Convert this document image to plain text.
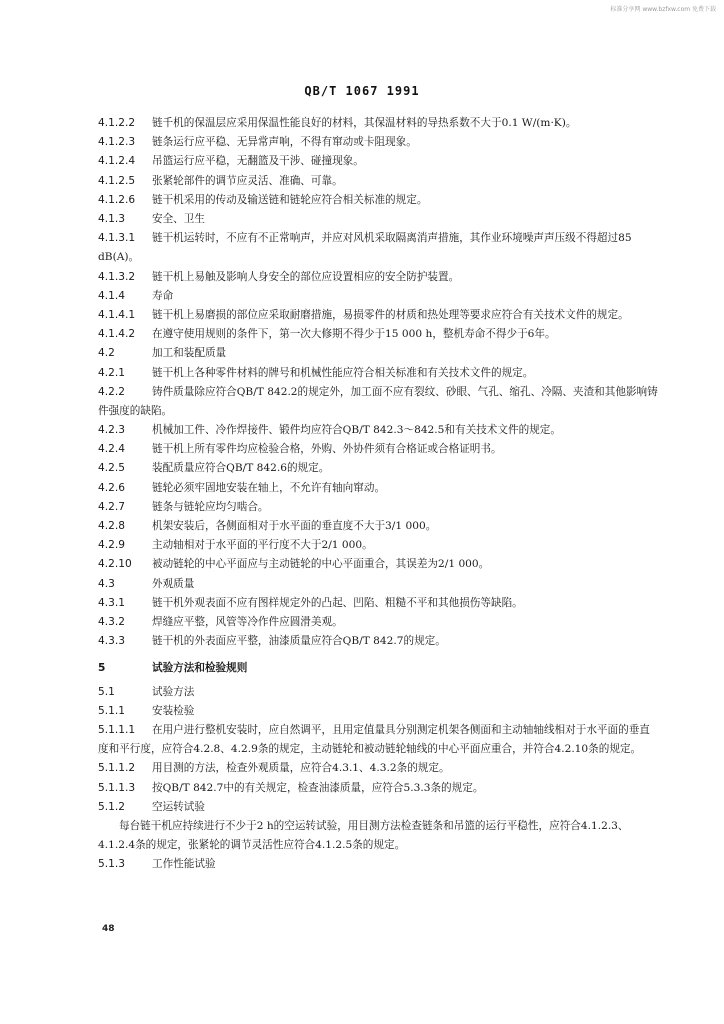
标准分享网 www.bzfxw.com 免费下载
QB/T 1067 1991
4.1.2.2 链千机的保温层应采用保温性能良好的材料，其保温材料的导热系数不大于0.1 W/(m·K)。
4.1.2.3 链条运行应平稳、无异常声响，不得有窜动或卡阻现象。
4.1.2.4 吊篮运行应平稳，无翻篮及干涉、碰撞现象。
4.1.2.5 张紧轮部件的调节应灵活、准确、可靠。
4.1.2.6 链干机采用的传动及输送链和链轮应符合相关标准的规定。
4.1.3	安全、卫生
4.1.3.1 链干机运转时，不应有不正常响声，并应对风机采取隔离消声措施，其作业环境噪声声压级不得超过85 dB(A)。
4.1.3.2 链干机上易触及影响人身安全的部位应设置相应的安全防护装置。
4.1.4	寿命
4.1.4.1 链干机上易磨损的部位应采取耐磨措施，易损零件的材质和热处理等要求应符合有关技术文件的规定。
4.1.4.2 在遵守使用规则的条件下，第一次大修期不得少于15 000 h，整机寿命不得少于6年。
4.2	加工和装配质量
4.2.1	链干机上各种零件材料的牌号和机械性能应符合相关标准和有关技术文件的规定。
4.2.2	铸件质量除应符合QB/T 842.2的规定外，加工面不应有裂纹、砂眼、气孔、缩孔、冷隔、夹渣和其他影响铸件强度的缺陷。
4.2.3	机械加工件、冷作焊接件、锻件均应符合QB/T 842.3～842.5和有关技术文件的规定。
4.2.4	链干机上所有零件均应检验合格，外购、外协件须有合格证或合格证明书。
4.2.5	装配质量应符合QB/T 842.6的规定。
4.2.6	链轮必须牢固地安装在轴上，不允许有轴向窜动。
4.2.7	链条与链轮应均匀啮合。
4.2.8	机架安装后，各侧面相对于水平面的垂直度不大于3/1 000。
4.2.9	主动轴相对于水平面的平行度不大于2/1 000。
4.2.10 被动链轮的中心平面应与主动链轮的中心平面重合，其误差为2/1 000。
4.3	外观质量
4.3.1	链干机外观表面不应有图样规定外的凸起、凹陷、粗糙不平和其他损伤等缺陷。
4.3.2	焊缝应平整，风管等冷作件应圆滑美观。
4.3.3	链干机的外表面应平整，油漆质量应符合QB/T 842.7的规定。
5	试验方法和检验规则
5.1	试验方法
5.1.1	安装检验
5.1.1.1 在用户进行整机安装时，应自然调平，且用定值量具分别测定机架各侧面和主动轴轴线相对于水平面的垂直度和平行度，应符合4.2.8、4.2.9条的规定，主动链轮和被动链轮轴线的中心平面应重合，并符合4.2.10条的规定。
5.1.1.2 用目测的方法，检查外观质量，应符合4.3.1、4.3.2条的规定。
5.1.1.3 按QB/T 842.7中的有关规定，检查油漆质量，应符合5.3.3条的规定。
5.1.2	空运转试验
每台链干机应持续进行不少于2 h的空运转试验，用目测方法检查链条和吊篮的运行平稳性，应符合4.1.2.3、4.1.2.4条的规定，张紧轮的调节灵活性应符合4.1.2.5条的规定。
5.1.3	工作性能试验
48
